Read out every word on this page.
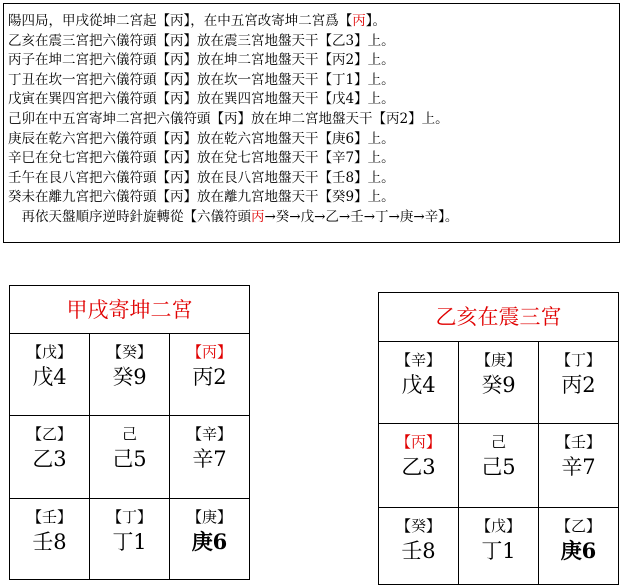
陽四局，甲戌從坤二宮起【丙】，在中五宮改寄坤二宮爲【丙】。
乙亥在震三宮把六儀符頭【丙】放在震三宮地盤天干【乙3】上。
丙子在坤二宮把六儀符頭【丙】放在坤二宮地盤天干【丙2】上。
丁丑在坎一宮把六儀符頭【丙】放在坎一宮地盤天干【丁1】上。
戊寅在巽四宮把六儀符頭【丙】放在巽四宮地盤天干【戊4】上。
己卯在中五宮寄坤二宮把六儀符頭【丙】放在坤二宮地盤天干【丙2】上。
庚辰在乾六宮把六儀符頭【丙】放在乾六宮地盤天干【庚6】上。
辛巳在兌七宮把六儀符頭【丙】放在兌七宮地盤天干【辛7】上。
壬午在艮八宮把六儀符頭【丙】放在艮八宮地盤天干【壬8】上。
癸未在離九宮把六儀符頭【丙】放在離九宮地盤天干【癸9】上。
　再依天盤順序逆時針旋轉從【六儀符頭丙→癸→戊→乙→壬→丁→庚→辛】。
甲戌寄坤二宮
【戊】
戊4
【癸】
癸9
【丙】
丙2
【乙】
乙3
己
己5
【辛】
辛7
【壬】
壬8
【丁】
丁1
【庚】
庚6
乙亥在震三宮
【辛】
戊4
【庚】
癸9
【丁】
丙2
【丙】
乙3
己
己5
【壬】
辛7
【癸】
壬8
【戊】
丁1
【乙】
庚6
